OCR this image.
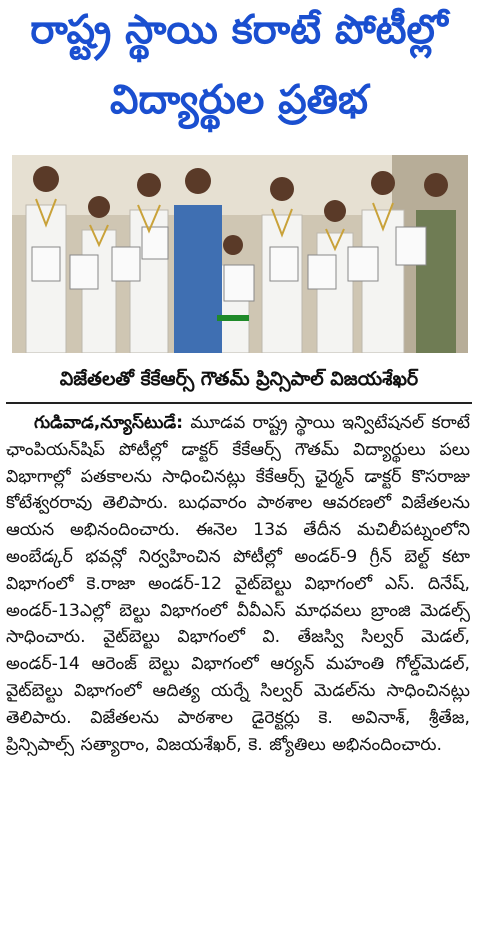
రాష్ట్ర స్థాయి కరాటే పోటీల్లో
విద్యార్థుల ప్రతిభ
విజేతలతో కేకేఆర్స్ గౌతమ్ ప్రిన్సిపాల్ విజయశేఖర్

గుడివాడ,న్యూస్‌టుడే: మూడవ రాష్ట్ర స్థాయి ఇన్విటేషనల్ కరాటే ఛాంపియన్‌షిప్ పోటీల్లో డాక్టర్ కేకేఆర్స్ గౌతమ్ విద్యార్థులు పలు విభాగాల్లో పతకాలను సాధించినట్లు కేకేఆర్స్ ఛైర్మన్ డాక్టర్ కొసరాజు కోటేశ్వరరావు తెలిపారు. బుధవారం పాఠశాల ఆవరణలో విజేతలను ఆయన అభినందించారు. ఈనెల 13వ తేదీన మచిలీపట్నంలోని అంబేడ్కర్ భవన్లో నిర్వహించిన పోటీల్లో అండర్-9 గ్రీన్ బెల్ట్ కటా విభాగంలో కె.రాజా అండర్-12 వైట్‌బెల్టు విభాగంలో ఎస్. దినేష్, అండర్-13ఎల్లో బెల్టు విభాగంలో వీవీఎస్ మాధవలు బ్రాంజి మెడల్స్ సాధించారు. వైట్‌బెల్టు విభాగంలో వి. తేజస్వి సిల్వర్ మెడల్, అండర్-14 ఆరెంజ్ బెల్టు విభాగంలో ఆర్యన్ మహంతి గోల్డ్‌మెడల్, వైట్‌బెల్టు విభాగంలో ఆదిత్య యర్నే సిల్వర్ మెడల్‌ను సాధించినట్లు తెలిపారు. విజేతలను పాఠశాల డైరెక్టర్లు కె. అవినాశ్, శ్రీతేజ, ప్రిన్సిపాల్స్ సత్యారాం, విజయశేఖర్, కె. జ్యోతిలు అభినందించారు.
